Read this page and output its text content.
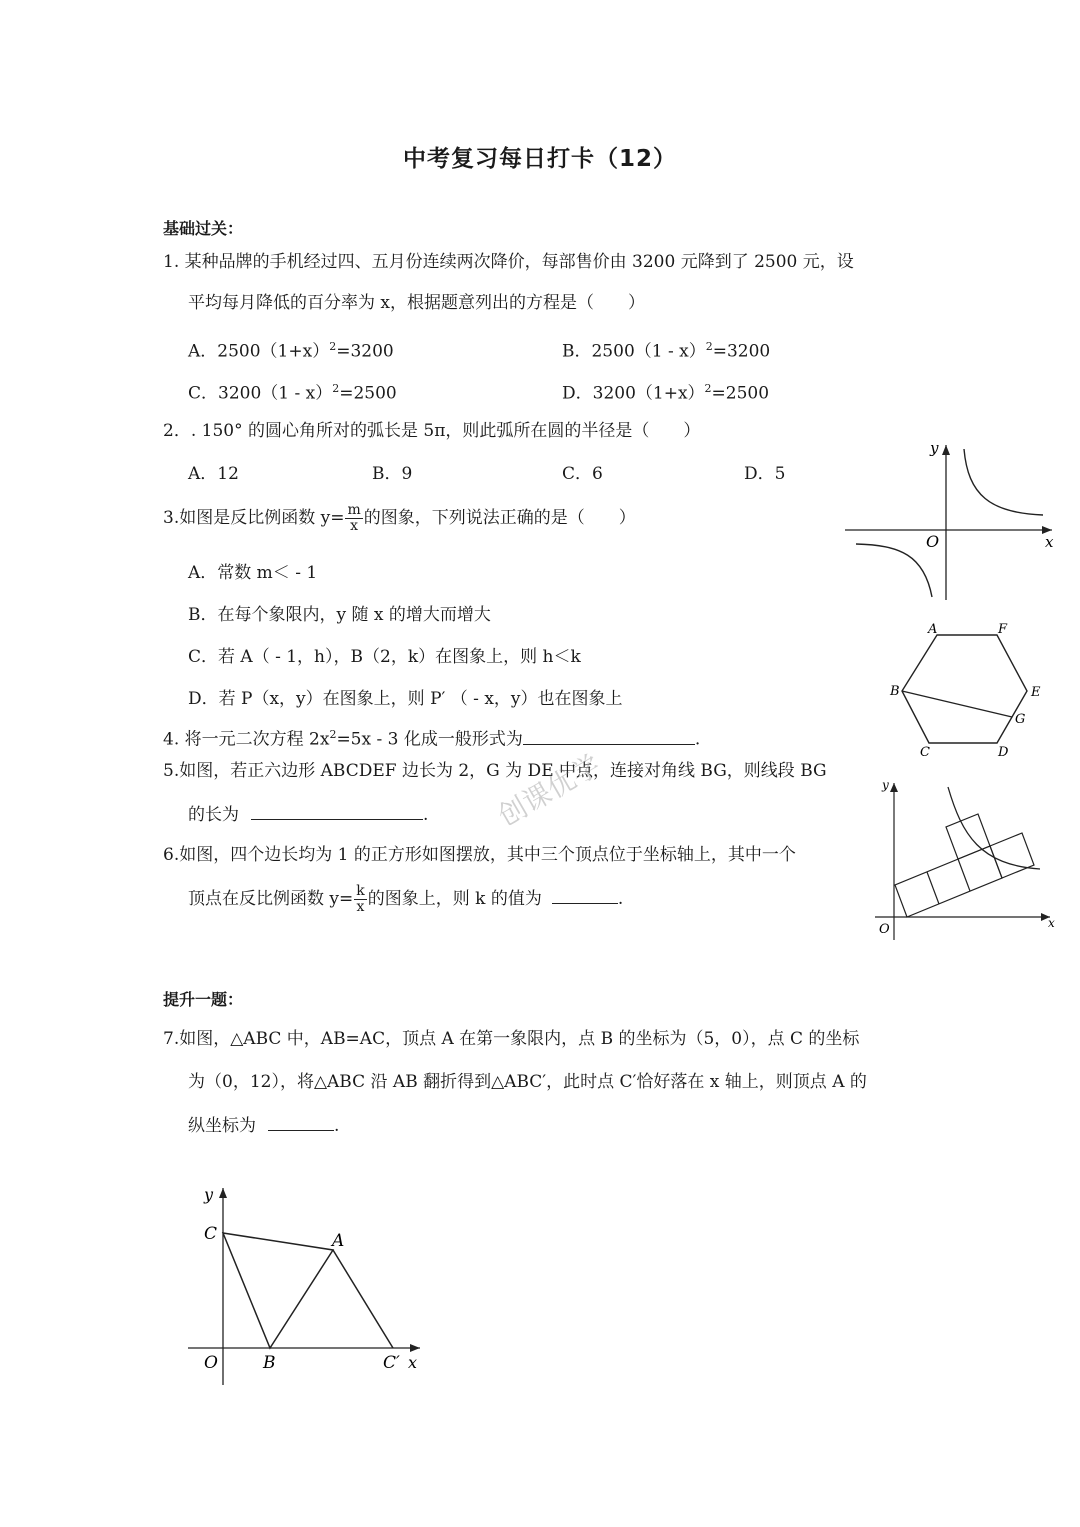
中考复习每日打卡（12）
基础过关：
1. 某种品牌的手机经过四、五月份连续两次降价，每部售价由 3200 元降到了 2500 元，设
平均每月降低的百分率为 x，根据题意列出的方程是（　　）
A．$2500(1+x)^2=3200$	B．2500（1 - x）$^2$=3200
C．3200（1 - x）$^2$=2500	D．$3200(1+x)^2=2500$
2．. 150° 的圆心角所对的弧长是 5π，则此弧所在圆的半径是（　　）
A．12	B．9	C．6	D．5
3.如图是反比例函数 $y= \frac{m}{x}$ 的图象，下列说法正确的是（　　）
A．常数 m＜ - 1
B．在每个象限内，y 随 x 的增大而增大
C．若 A（ - 1，h），B（2，k）在图象上，则 h＜k
D．若 P（x，y）在图象上，则 P′ （ - x，y）也在图象上
4. 将一元二次方程 $2x^2=5x - 3$ 化成一般形式为	.
5.如图，若正六边形 ABCDEF 边长为 2，G 为 DE 中点，连接对角线 BG，则线段 BG
的长为	.
6.如图，四个边长均为 1 的正方形如图摆放，其中三个顶点位于坐标轴上，其中一个
顶点在反比例函数 $y= \frac{k}{x}$ 的图象上，则 k 的值为	.
提升一题：
7.如图，△ABC 中，AB=AC，顶点 A 在第一象限内，点 B 的坐标为（5，0），点 C 的坐标
为（0，12），将△ABC 沿 AB 翻折得到△ABC′，此时点 C′恰好落在 x 轴上，则顶点 A 的
纵坐标为	.
y
x
O
A	F
B	E
G
C	D
y
x
O
y
x
O
C	A
B	C′
创课优学
